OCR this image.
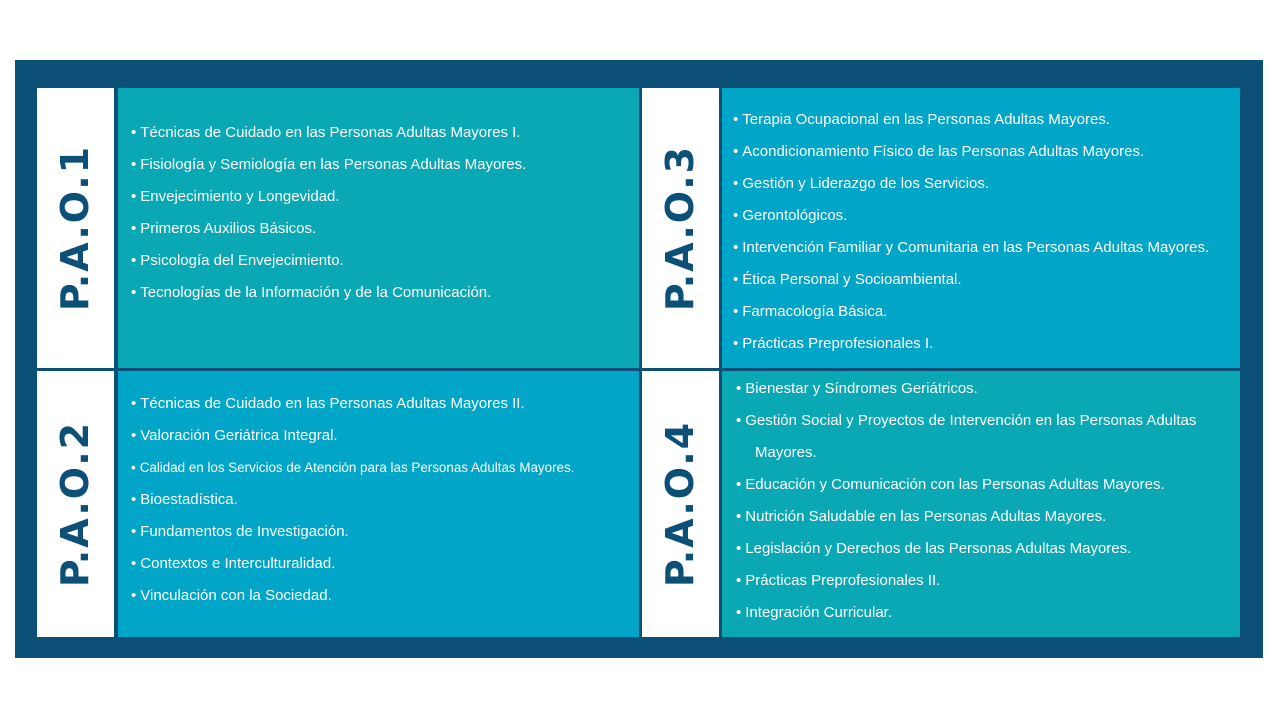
P.A.O.1
• Técnicas de Cuidado en las Personas Adultas Mayores I.
• Fisiología y Semiología en las Personas Adultas Mayores.
• Envejecimiento y Longevidad.
• Primeros Auxilios Básicos.
• Psicología del Envejecimiento.
• Tecnologías de la Información y de la Comunicación.
P.A.O.2
• Técnicas de Cuidado en las Personas Adultas Mayores II.
• Valoración Geriátrica Integral.
• Calidad en los Servicios de Atención para las Personas Adultas Mayores.
• Bioestadística.
• Fundamentos de Investigación.
• Contextos e Interculturalidad.
• Vinculación con la Sociedad.
P.A.O.3
• Terapia Ocupacional en las Personas Adultas Mayores.
• Acondicionamiento Físico de las Personas Adultas Mayores.
• Gestión y Liderazgo de los Servicios.
• Gerontológicos.
• Intervención Familiar y Comunitaria en las Personas Adultas Mayores.
• Ética Personal y Socioambiental.
• Farmacología Básica.
• Prácticas Preprofesionales I.
P.A.O.4
• Bienestar y Síndromes Geriátricos.
• Gestión Social y Proyectos de Intervención en las Personas Adultas
Mayores.
• Educación y Comunicación con las Personas Adultas Mayores.
• Nutrición Saludable en las Personas Adultas Mayores.
• Legislación y Derechos de las Personas Adultas Mayores.
• Prácticas Preprofesionales II.
• Integración Curricular.
